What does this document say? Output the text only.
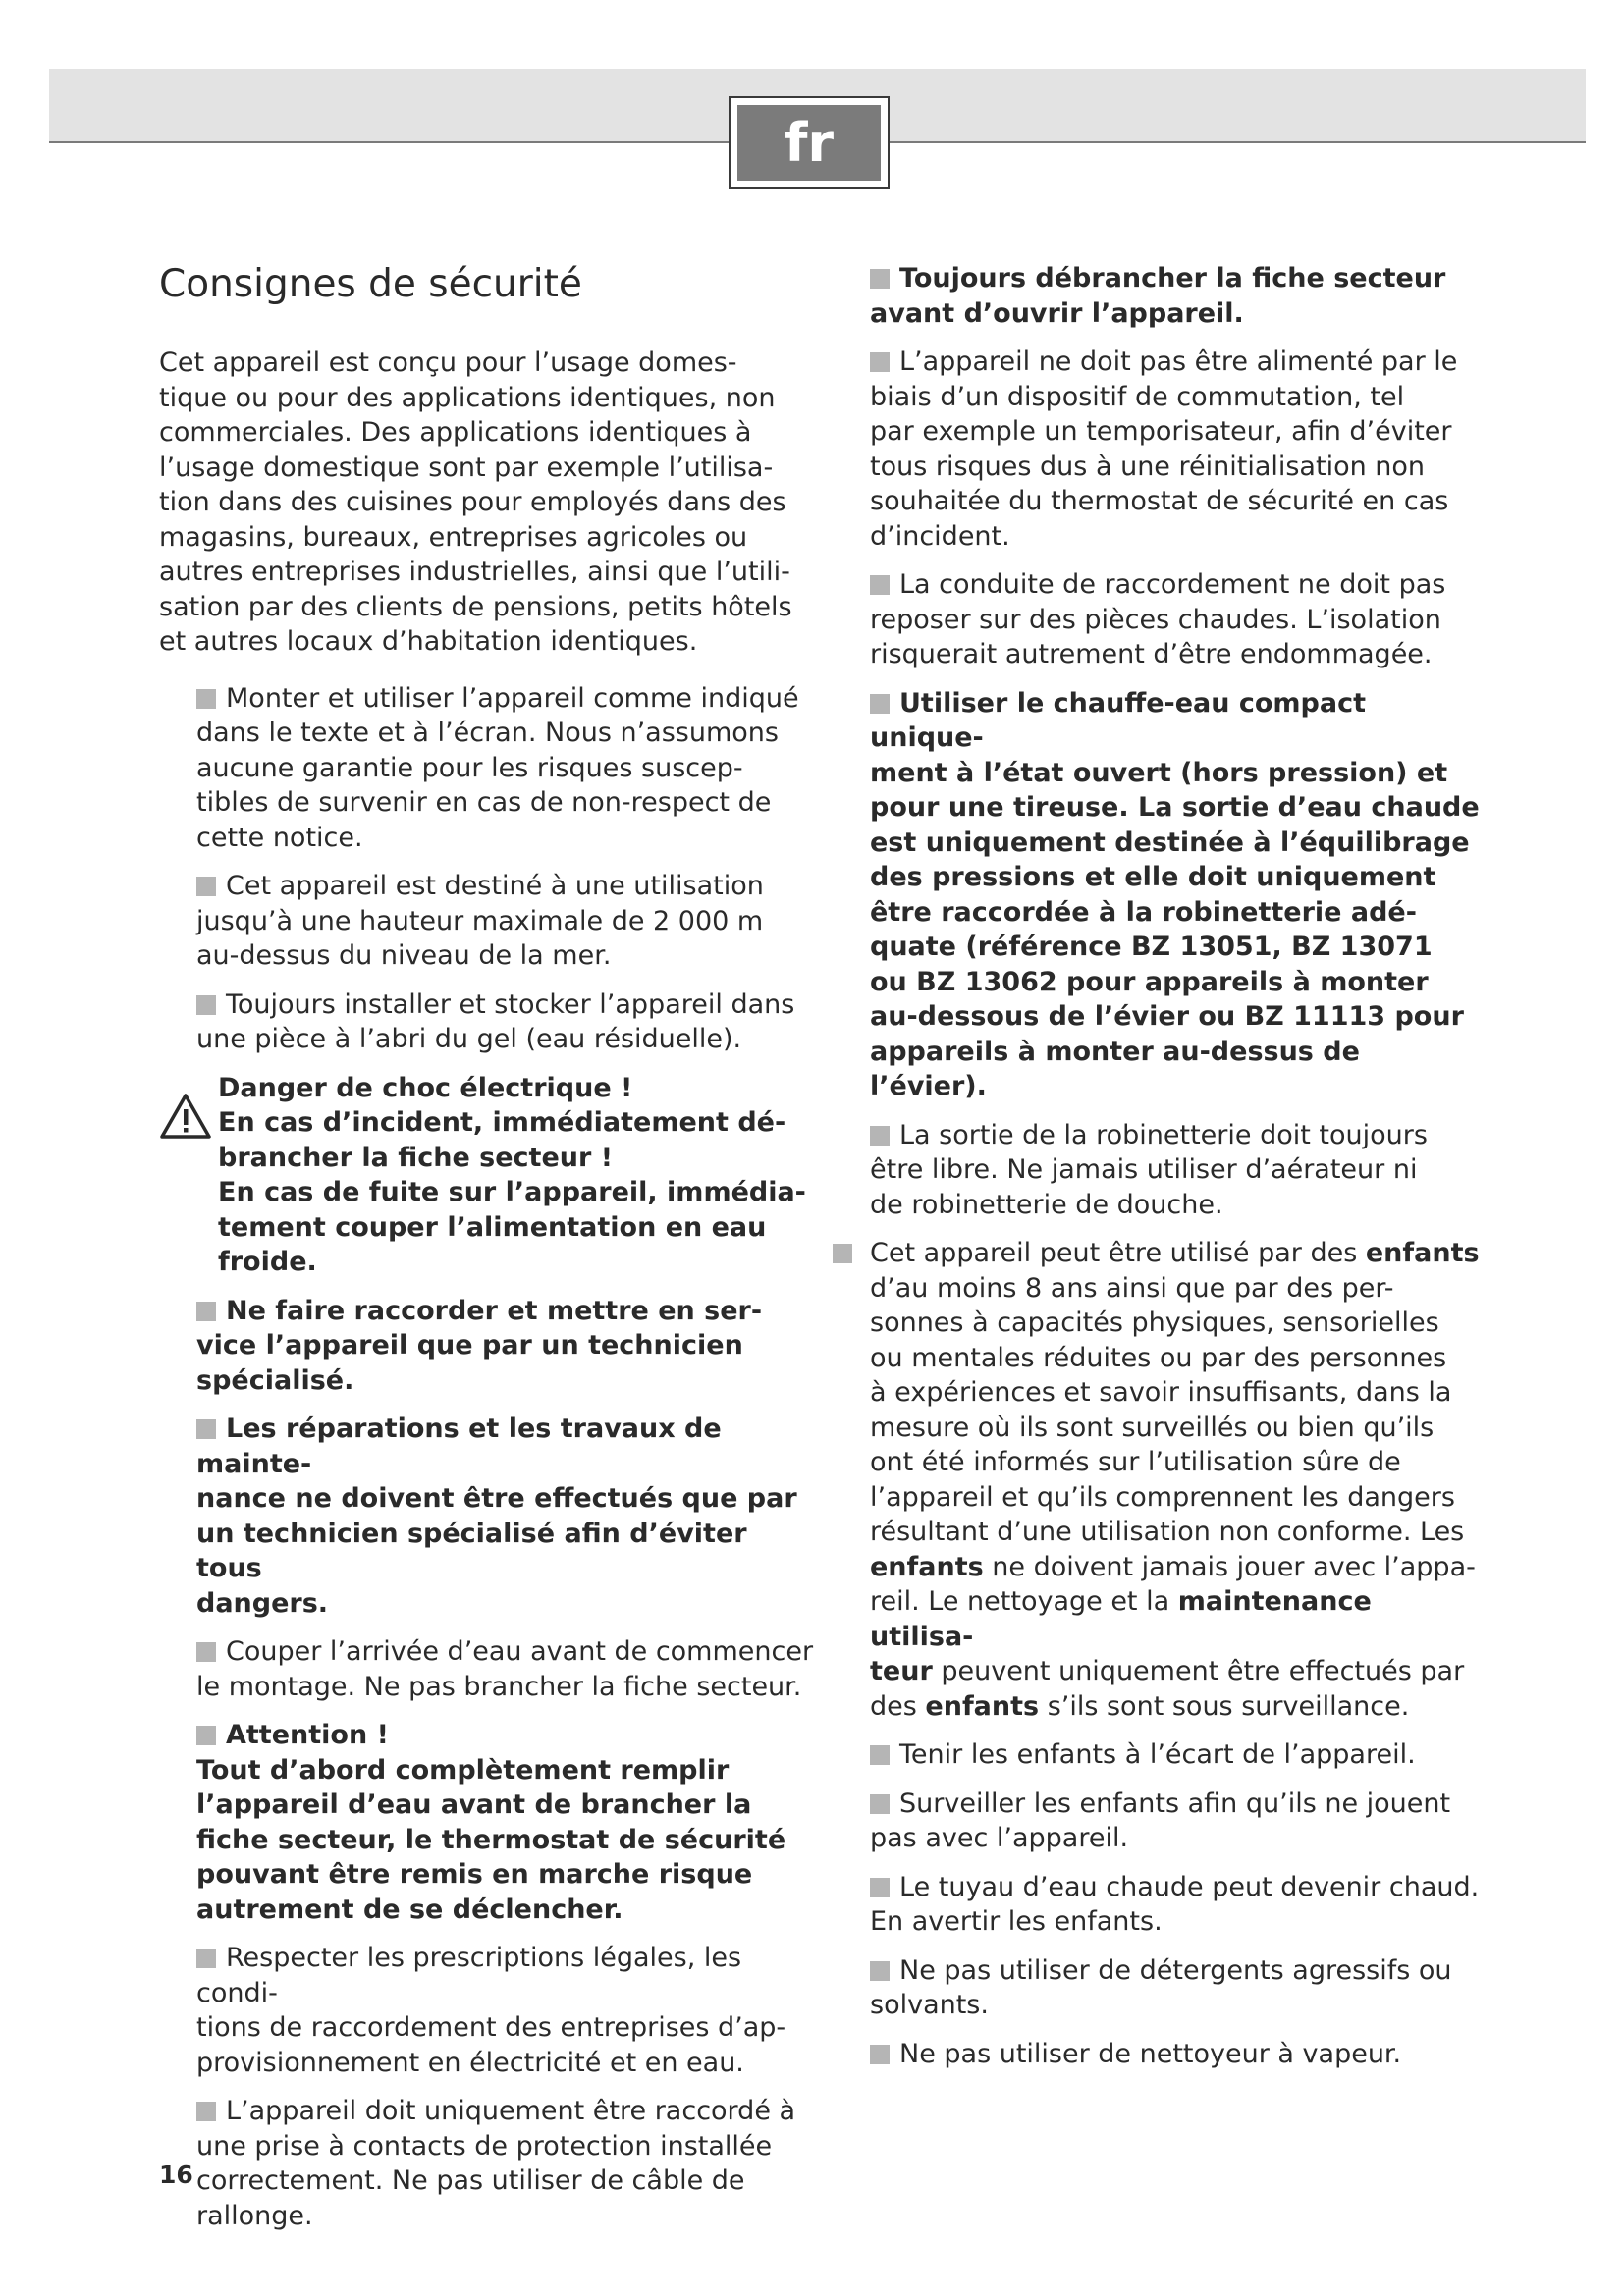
fr
Consignes de sécurité

Cet appareil est conçu pour l’usage domes-

tique ou pour des applications identiques, non

commerciales. Des applications identiques à

l’usage domestique sont par exemple l’utilisa-

tion dans des cuisines pour employés dans des

magasins, bureaux, entreprises agricoles ou

autres entreprises industrielles, ainsi que l’utili-

sation par des clients de pensions, petits hôtels

et autres locaux d’habitation identiques.

Monter et utiliser l’appareil comme indiqué

dans le texte et à l’écran. Nous n’assumons

aucune garantie pour les risques suscep-

tibles de survenir en cas de non-respect de

cette notice.

Cet appareil est destiné à une utilisation

jusqu’à une hauteur maximale de 2 000 m

au-dessus du niveau de la mer.

Toujours installer et stocker l’appareil dans

une pièce à l’abri du gel (eau résiduelle).

Danger de choc électrique !

En cas d’incident, immédiatement dé-

brancher la fiche secteur !

En cas de fuite sur l’appareil, immédia-

tement couper l’alimentation en eau

froide.

Ne faire raccorder et mettre en ser-

vice l’appareil que par un technicien

spécialisé.

Les réparations et les travaux de mainte-

nance ne doivent être effectués que par

un technicien spécialisé afin d’éviter tous

dangers.

Couper l’arrivée d’eau avant de commencer

le montage. Ne pas brancher la fiche secteur.

Attention !

Tout d’abord complètement remplir

l’appareil d’eau avant de brancher la

fiche secteur, le thermostat de sécurité

pouvant être remis en marche risque

autrement de se déclencher.

Respecter les prescriptions légales, les condi-

tions de raccordement des entreprises d’ap-

provisionnement en électricité et en eau.

L’appareil doit uniquement être raccordé à

une prise à contacts de protection installée

correctement. Ne pas utiliser de câble de

rallonge.

Toujours débrancher la fiche secteur

avant d’ouvrir l’appareil.

L’appareil ne doit pas être alimenté par le

biais d’un dispositif de commutation, tel

par exemple un temporisateur, afin d’éviter

tous risques dus à une réinitialisation non

souhaitée du thermostat de sécurité en cas

d’incident.

La conduite de raccordement ne doit pas

reposer sur des pièces chaudes. L’isolation

risquerait autrement d’être endommagée.

Utiliser le chauffe-eau compact unique-

ment à l’état ouvert (hors pression) et

pour une tireuse. La sortie d’eau chaude

est uniquement destinée à l’équilibrage

des pressions et elle doit uniquement

être raccordée à la robinetterie adé-

quate (référence BZ 13051, BZ 13071

ou BZ 13062 pour appareils à monter

au-dessous de l’évier ou BZ 11113 pour

appareils à monter au-dessus de l’évier).

La sortie de la robinetterie doit toujours

être libre. Ne jamais utiliser d’aérateur ni

de robinetterie de douche.

Cet appareil peut être utilisé par des enfants

d’au moins 8 ans ainsi que par des per-

sonnes à capacités physiques, sensorielles

ou mentales réduites ou par des personnes

à expériences et savoir insuffisants, dans la

mesure où ils sont surveillés ou bien qu’ils

ont été informés sur l’utilisation sûre de

l’appareil et qu’ils comprennent les dangers

résultant d’une utilisation non conforme. Les

enfants ne doivent jamais jouer avec l’appa-

reil. Le nettoyage et la maintenance utilisa-

teur peuvent uniquement être effectués par

des enfants s’ils sont sous surveillance.

Tenir les enfants à l’écart de l’appareil.

Surveiller les enfants afin qu’ils ne jouent

pas avec l’appareil.

Le tuyau d’eau chaude peut devenir chaud.

En avertir les enfants.

Ne pas utiliser de détergents agressifs ou

solvants.

Ne pas utiliser de nettoyeur à vapeur.

16
